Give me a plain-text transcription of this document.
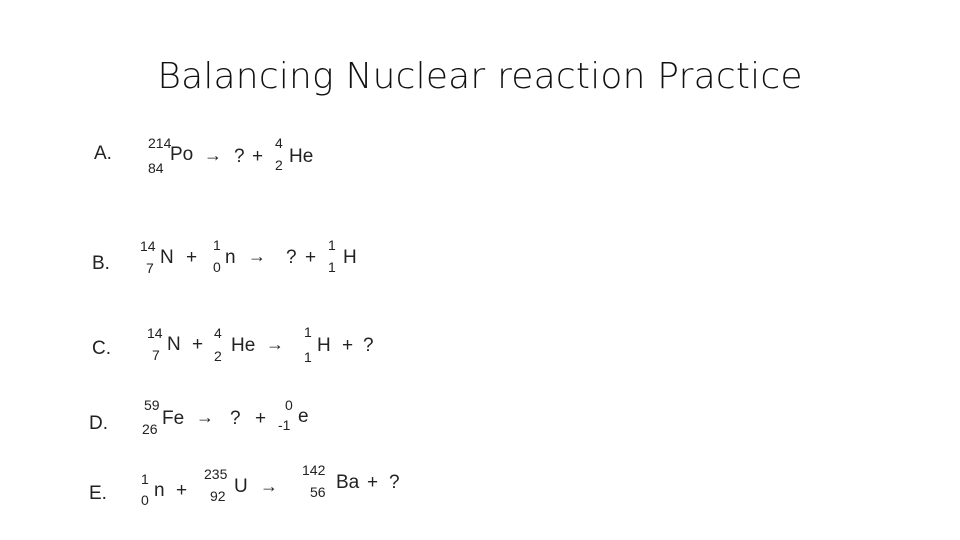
Balancing Nuclear reaction Practice
A.	214
84
Po → ? +
4
2 He
B.
14
7 N +
1
0 n → ? +
1
1 H
C.
14
7 N +
4
2 He →
1
1
H + ?
D.
59
26 Fe → ? +
0
-1 e
E.
1
0 n +
235
92 U →
142
56 Ba + ?
